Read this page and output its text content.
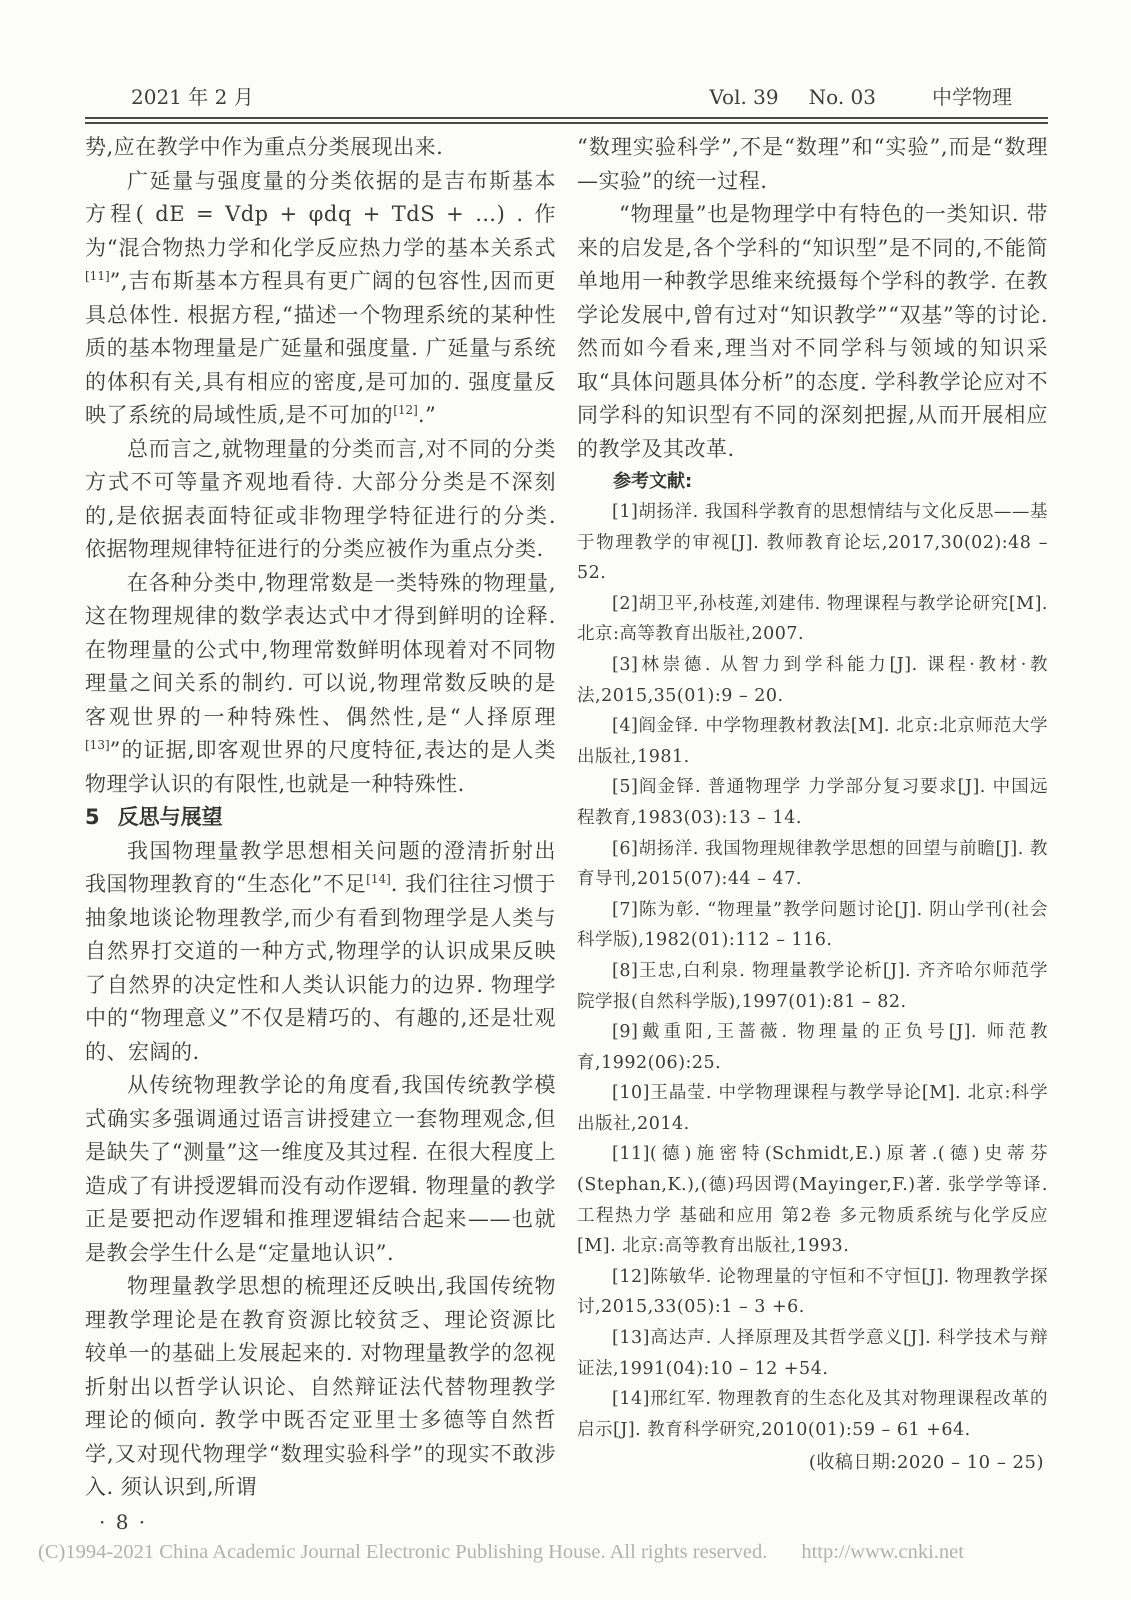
2021 年 2 月	Vol. 39 No. 03	中学物理

势,应在教学中作为重点分类展现出来.

广延量与强度量的分类依据的是吉布斯基本方程( dE = Vdp + φdq + TdS + …) . 作为“混合物热力学和化学反应热力学的基本关系式[11]”,吉布斯基本方程具有更广阔的包容性,因而更具总体性. 根据方程,“描述一个物理系统的某种性质的基本物理量是广延量和强度量. 广延量与系统的体积有关,具有相应的密度,是可加的. 强度量反映了系统的局域性质,是不可加的[12].”

总而言之,就物理量的分类而言,对不同的分类方式不可等量齐观地看待. 大部分分类是不深刻的,是依据表面特征或非物理学特征进行的分类. 依据物理规律特征进行的分类应被作为重点分类.

在各种分类中,物理常数是一类特殊的物理量,这在物理规律的数学表达式中才得到鲜明的诠释. 在物理量的公式中,物理常数鲜明体现着对不同物理量之间关系的制约. 可以说,物理常数反映的是客观世界的一种特殊性、偶然性,是“人择原理[13]”的证据,即客观世界的尺度特征,表达的是人类物理学认识的有限性,也就是一种特殊性.

5 反思与展望

我国物理量教学思想相关问题的澄清折射出我国物理教育的“生态化”不足[14]. 我们往往习惯于抽象地谈论物理教学,而少有看到物理学是人类与自然界打交道的一种方式,物理学的认识成果反映了自然界的决定性和人类认识能力的边界. 物理学中的“物理意义”不仅是精巧的、有趣的,还是壮观的、宏阔的.

从传统物理教学论的角度看,我国传统教学模式确实多强调通过语言讲授建立一套物理观念,但是缺失了“测量”这一维度及其过程. 在很大程度上造成了有讲授逻辑而没有动作逻辑. 物理量的教学正是要把动作逻辑和推理逻辑结合起来——也就是教会学生什么是“定量地认识”.

物理量教学思想的梳理还反映出,我国传统物理教学理论是在教育资源比较贫乏、理论资源比较单一的基础上发展起来的. 对物理量教学的忽视折射出以哲学认识论、自然辩证法代替物理教学理论的倾向. 教学中既否定亚里士多德等自然哲学,又对现代物理学“数理实验科学”的现实不敢涉入. 须认识到,所谓

· 8 ·

“数理实验科学”,不是“数理”和“实验”,而是“数理—实验”的统一过程.

“物理量”也是物理学中有特色的一类知识. 带来的启发是,各个学科的“知识型”是不同的,不能简单地用一种教学思维来统摄每个学科的教学. 在教学论发展中,曾有过对“知识教学”“双基”等的讨论. 然而如今看来,理当对不同学科与领域的知识采取“具体问题具体分析”的态度. 学科教学论应对不同学科的知识型有不同的深刻把握,从而开展相应的教学及其改革.

参考文献:

[1]胡扬洋. 我国科学教育的思想情结与文化反思——基于物理教学的审视[J]. 教师教育论坛,2017,30(02):48 – 52.

[2]胡卫平,孙枝莲,刘建伟. 物理课程与教学论研究[M]. 北京:高等教育出版社,2007.

[3]林崇德. 从智力到学科能力[J]. 课程·教材·教法,2015,35(01):9 – 20.

[4]阎金铎. 中学物理教材教法[M]. 北京:北京师范大学出版社,1981.

[5]阎金铎. 普通物理学 力学部分复习要求[J]. 中国远程教育,1983(03):13 – 14.

[6]胡扬洋. 我国物理规律教学思想的回望与前瞻[J]. 教育导刊,2015(07):44 – 47.

[7]陈为彰. “物理量”教学问题讨论[J]. 阴山学刊(社会科学版),1982(01):112 – 116.

[8]王忠,白利泉. 物理量教学论析[J]. 齐齐哈尔师范学院学报(自然科学版),1997(01):81 – 82.

[9]戴重阳,王蔷薇. 物理量的正负号[J]. 师范教育,1992(06):25.

[10]王晶莹. 中学物理课程与教学导论[M]. 北京:科学出版社,2014.

[11](德)施密特(Schmidt,E.)原著.(德)史蒂芬(Stephan,K.),(德)玛因谔(Mayinger,F.)著. 张学学等译. 工程热力学 基础和应用 第2卷 多元物质系统与化学反应[M]. 北京:高等教育出版社,1993.

[12]陈敏华. 论物理量的守恒和不守恒[J]. 物理教学探讨,2015,33(05):1 – 3 +6.

[13]高达声. 人择原理及其哲学意义[J]. 科学技术与辩证法,1991(04):10 – 12 +54.

[14]邢红军. 物理教育的生态化及其对物理课程改革的启示[J]. 教育科学研究,2010(01):59 – 61 +64.

(收稿日期:2020 – 10 – 25)

(C)1994-2021 China Academic Journal Electronic Publishing House. All rights reserved. http://www.cnki.net
